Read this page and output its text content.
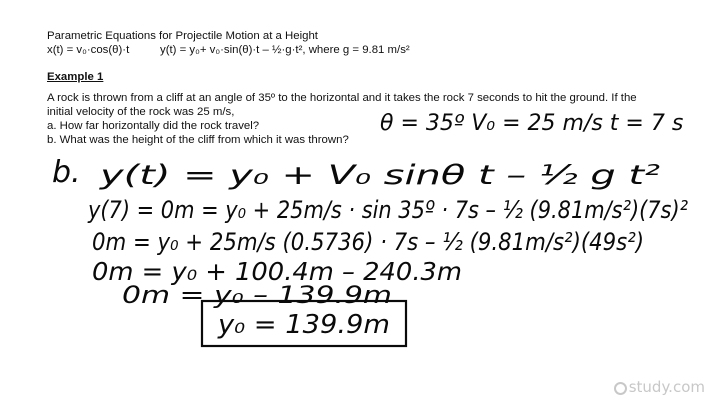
Parametric Equations for Projectile Motion at a Height
x(t) = v₀·cos(θ)·t	y(t) = y₀+ v₀·sin(θ)·t – ½·g·t², where g = 9.81 m/s²
Example 1
A rock is thrown from a cliff at an angle of 35º to the horizontal and it takes the rock 7 seconds to hit the ground. If the
initial velocity of the rock was 25 m/s,
a. How far horizontally did the rock travel?
b. What was the height of the cliff from which it was thrown?
θ = 35º V₀ = 25 m/s t = 7 s
b. y(t) = y₀ + V₀ sinθ t – ½ g t²
y(7) = 0m = y₀ + 25m/s · sin 35º · 7s – ½ (9.81m/s²)(7s)²
0m = y₀ + 25m/s (0.5736) · 7s – ½ (9.81m/s²)(49s²)
0m = y₀ + 100.4m – 240.3m
0m = y₀ – 139.9m
y₀ = 139.9m
study.com
